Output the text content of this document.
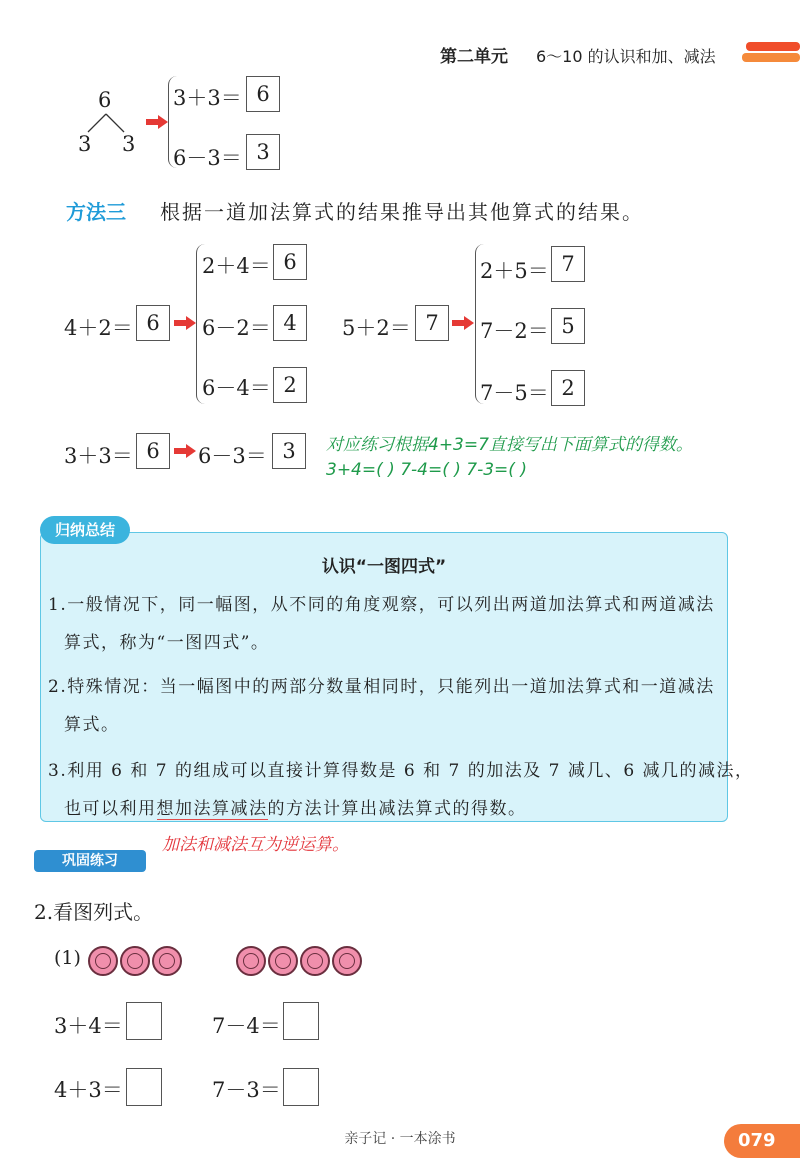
第二单元 6～10 的认识和加、减法
6
3 3
3＋3＝ 6
6－3＝ 3
方法三 根据一道加法算式的结果推导出其他算式的结果。
4＋2＝ 6
2＋4＝ 6
6－2＝ 4
6－4＝ 2
5＋2＝ 7
2＋5＝ 7
7－2＝ 5
7－5＝ 2
3＋3＝ 6	6－3＝ 3	对应练习根据4+3=7直接写出下面算式的得数。
3+4=( ) 7-4=( ) 7-3=( )
归纳总结
认识“一图四式”
1.一般情况下，同一幅图，从不同的角度观察，可以列出两道加法算式和两道减法
算式，称为“一图四式”。
2.特殊情况：当一幅图中的两部分数量相同时，只能列出一道加法算式和一道减法
算式。
3.利用 6 和 7 的组成可以直接计算得数是 6 和 7 的加法及 7 减几、6 减几的减法，
也可以利用想加法算减法的方法计算出减法算式的得数。
加法和减法互为逆运算。
巩固练习
2.看图列式。
(1)
3＋4＝	7－4＝
4＋3＝	7－3＝
亲子记 · 一本涂书	079
